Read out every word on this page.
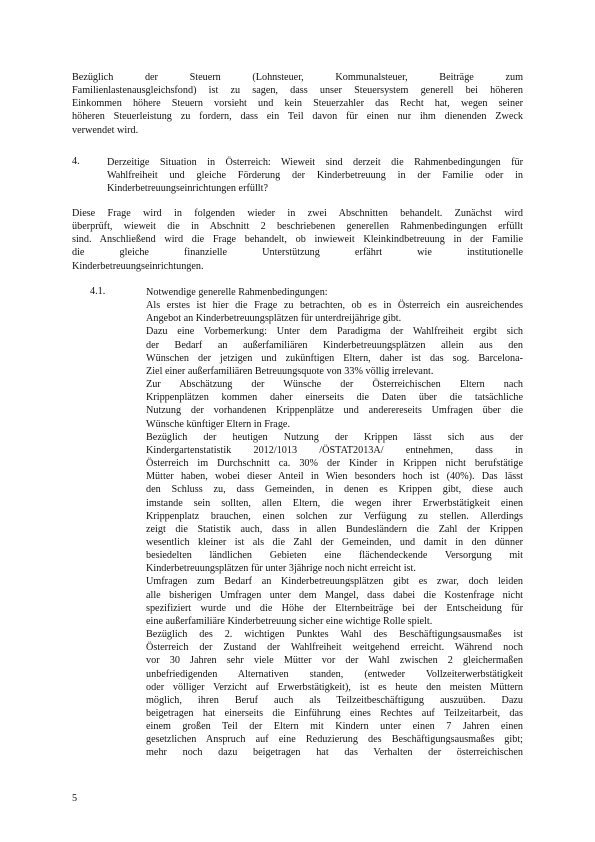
Bezüglich der Steuern (Lohnsteuer, Kommunalsteuer, Beiträge zum
Familienlastenausgleichsfond) ist zu sagen, dass unser Steuersystem generell bei höheren
Einkommen höhere Steuern vorsieht und kein Steuerzahler das Recht hat, wegen seiner
höheren Steuerleistung zu fordern, dass ein Teil davon für einen nur ihm dienenden Zweck
verwendet wird.
4.	Derzeitige Situation in Österreich: Wieweit sind derzeit die Rahmenbedingungen für
Wahlfreiheit und gleiche Förderung der Kinderbetreuung in der Familie oder in
Kinderbetreuungseinrichtungen erfüllt?
Diese Frage wird in folgenden wieder in zwei Abschnitten behandelt. Zunächst wird
überprüft, wieweit die in Abschnitt 2 beschriebenen generellen Rahmenbedingungen erfüllt
sind. Anschließend wird die Frage behandelt, ob inwieweit Kleinkindbetreuung in der Familie
die gleiche finanzielle Unterstützung erfährt wie institutionelle
Kinderbetreuungseinrichtungen.
4.1.	Notwendige generelle Rahmenbedingungen:
Als erstes ist hier die Frage zu betrachten, ob es in Österreich ein ausreichendes
Angebot an Kinderbetreuungsplätzen für unterdreijährige gibt.
Dazu eine Vorbemerkung: Unter dem Paradigma der Wahlfreiheit ergibt sich
der Bedarf an außerfamiliären Kinderbetreuungsplätzen allein aus den
Wünschen der jetzigen und zukünftigen Eltern, daher ist das sog. Barcelona-
Ziel einer außerfamiliären Betreuungsquote von 33% völlig irrelevant.
Zur Abschätzung der Wünsche der Österreichischen Eltern nach
Krippenplätzen kommen daher einerseits die Daten über die tatsächliche
Nutzung der vorhandenen Krippenplätze und anderereseits Umfragen über die
Wünsche künftiger Eltern in Frage.
Bezüglich der heutigen Nutzung der Krippen lässt sich aus der
Kindergartenstatistik 2012/1013 /ÖSTAT2013A/ entnehmen, dass in
Österreich im Durchschnitt ca. 30% der Kinder in Krippen nicht berufstätige
Mütter haben, wobei dieser Anteil in Wien besonders hoch ist (40%). Das lässt
den Schluss zu, dass Gemeinden, in denen es Krippen gibt, diese auch
imstande sein sollten, allen Eltern, die wegen ihrer Erwerbstätigkeit einen
Krippenplatz brauchen, einen solchen zur Verfügung zu stellen. Allerdings
zeigt die Statistik auch, dass in allen Bundesländern die Zahl der Krippen
wesentlich kleiner ist als die Zahl der Gemeinden, und damit in den dünner
besiedelten ländlichen Gebieten eine flächendeckende Versorgung mit
Kinderbetreuungsplätzen für unter 3jährige noch nicht erreicht ist.
Umfragen zum Bedarf an Kinderbetreuungsplätzen gibt es zwar, doch leiden
alle bisherigen Umfragen unter dem Mangel, dass dabei die Kostenfrage nicht
spezifiziert wurde und die Höhe der Elternbeiträge bei der Entscheidung für
eine außerfamiliäre Kinderbetreuung sicher eine wichtige Rolle spielt.
Bezüglich des 2. wichtigen Punktes Wahl des Beschäftigungsausmaßes ist
Österreich der Zustand der Wahlfreiheit weitgehend erreicht. Während noch
vor 30 Jahren sehr viele Mütter vor der Wahl zwischen 2 gleichermaßen
unbefriedigenden Alternativen standen, (entweder Vollzeiterwerbstätigkeit
oder völliger Verzicht auf Erwerbstätigkeit), ist es heute den meisten Müttern
möglich, ihren Beruf auch als Teilzeitbeschäftigung auszuüben. Dazu
beigetragen hat einerseits die Einführung eines Rechtes auf Teilzeitarbeit, das
einem großen Teil der Eltern mit Kindern unter einen 7 Jahren einen
gesetzlichen Anspruch auf eine Reduzierung des Beschäftigungsausmaßes gibt;
mehr noch dazu beigetragen hat das Verhalten der österreichischen
5
